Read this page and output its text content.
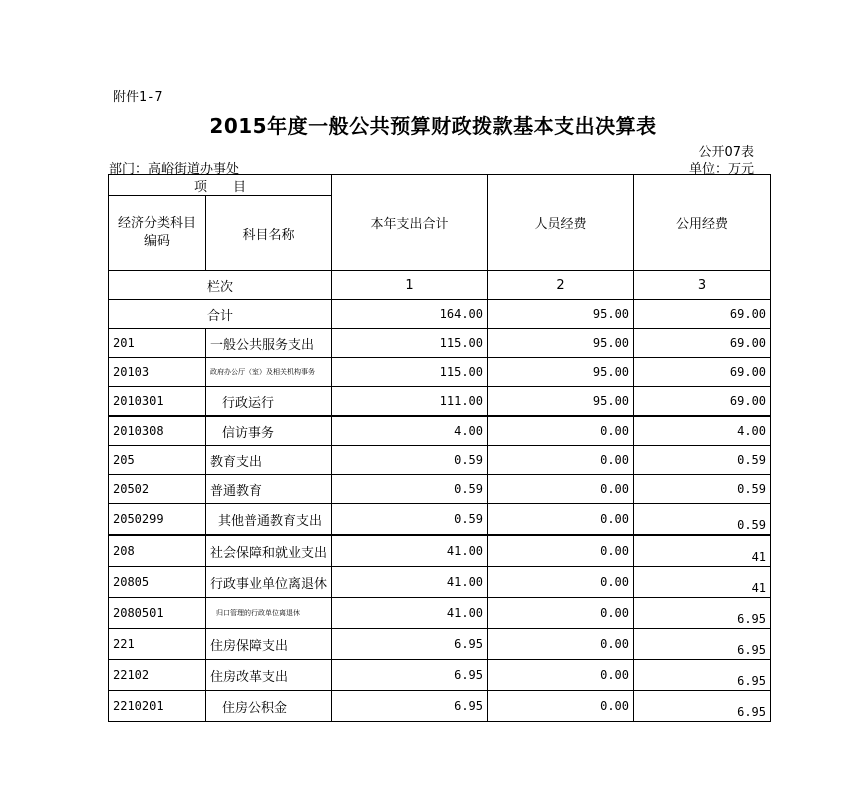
附件1-7
2015年度一般公共预算财政拨款基本支出决算表
公开07表
部门：高峪街道办事处	单位：万元
项　　目		本年支出合计	人员经费	公用经费
经济分类科目编码	科目名称			
栏次		1	2	3
合计		164.00	95.00	69.00
201	一般公共服务支出	115.00	95.00	69.00
20103	政府办公厅（室）及相关机构事务	115.00	95.00	69.00
2010301	行政运行	111.00	95.00	69.00
2010308	信访事务	4.00	0.00	4.00
205	教育支出	0.59	0.00	0.59
20502	普通教育	0.59	0.00	0.59
2050299	其他普通教育支出	0.59	0.00	0.59
208	社会保障和就业支出	41.00	0.00	41
20805	行政事业单位离退休	41.00	0.00	41
2080501	归口管理的行政单位离退休	41.00	0.00	6.95
221	住房保障支出	6.95	0.00	6.95
22102	住房改革支出	6.95	0.00	6.95
2210201	住房公积金	6.95	0.00	6.95
